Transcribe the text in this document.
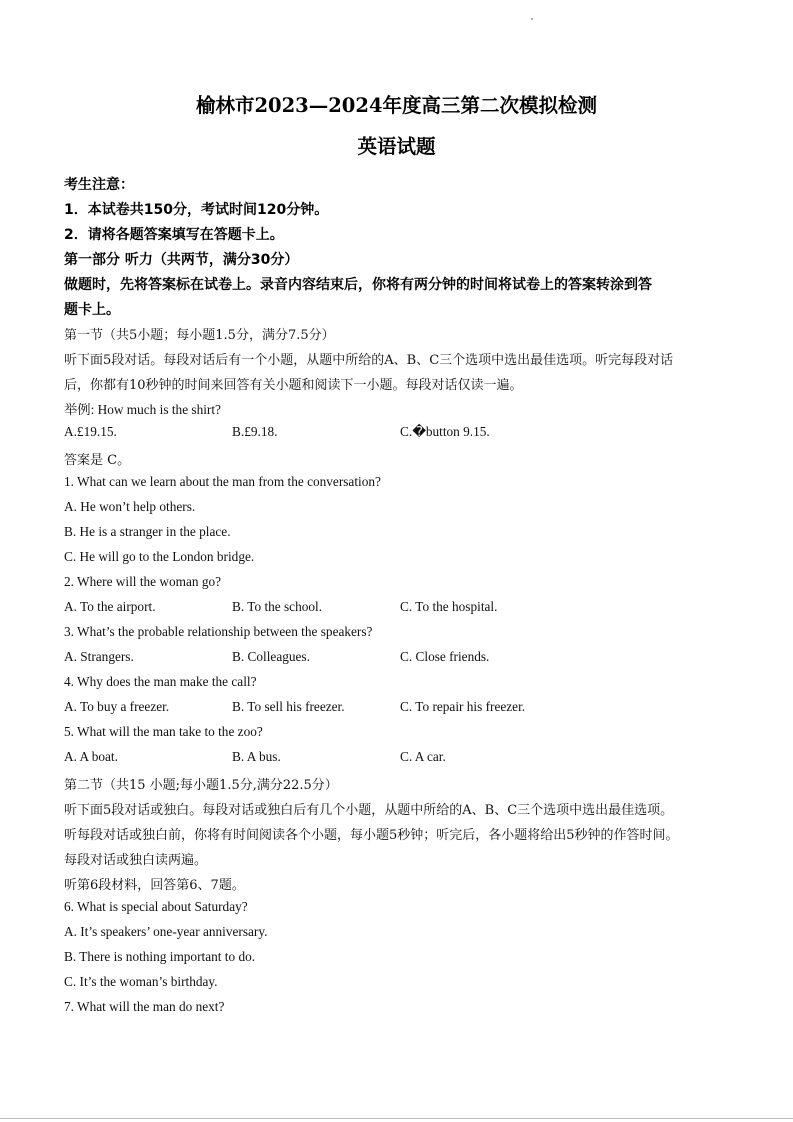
榆林市2023—2024年度高三第二次模拟检测
英语试题
考生注意：
1．本试卷共150分，考试时间120分钟。
2．请将各题答案填写在答题卡上。
第一部分 听力（共两节，满分30分）
做题时，先将答案标在试卷上。录音内容结束后，你将有两分钟的时间将试卷上的答案转涂到答
题卡上。
第一节（共5小题；每小题1.5分，满分7.5分）
听下面5段对话。每段对话后有一个小题，从题中所给的A、B、C三个选项中选出最佳选项。听完每段对话
后，你都有10秒钟的时间来回答有关小题和阅读下一小题。每段对话仅读一遍。
举例: How much is the shirt?
A.£19.15.	B.£9.18.	C.�button 9.15.
答案是 C。
1. What can we learn about the man from the conversation?
A. He won’t help others.
B. He is a stranger in the place.
C. He will go to the London bridge.
2. Where will the woman go?
A. To the airport.	B. To the school.	C. To the hospital.
3. What’s the probable relationship between the speakers?
A. Strangers.	B. Colleagues.	C. Close friends.
4. Why does the man make the call?
A. To buy a freezer.	B. To sell his freezer.	C. To repair his freezer.
5. What will the man take to the zoo?
A. A boat.	B. A bus.	C. A car.
第二节（共15 小题;每小题1.5分,满分22.5分）
听下面5段对话或独白。每段对话或独白后有几个小题，从题中所给的A、B、C三个选项中选出最佳选项。
听每段对话或独白前，你将有时间阅读各个小题，每小题5秒钟；听完后，各小题将给出5秒钟的作答时间。
每段对话或独白读两遍。
听第6段材料，回答第6、7题。
6. What is special about Saturday?
A. It’s speakers’ one-year anniversary.
B. There is nothing important to do.
C. It’s the woman’s birthday.
7. What will the man do next?
